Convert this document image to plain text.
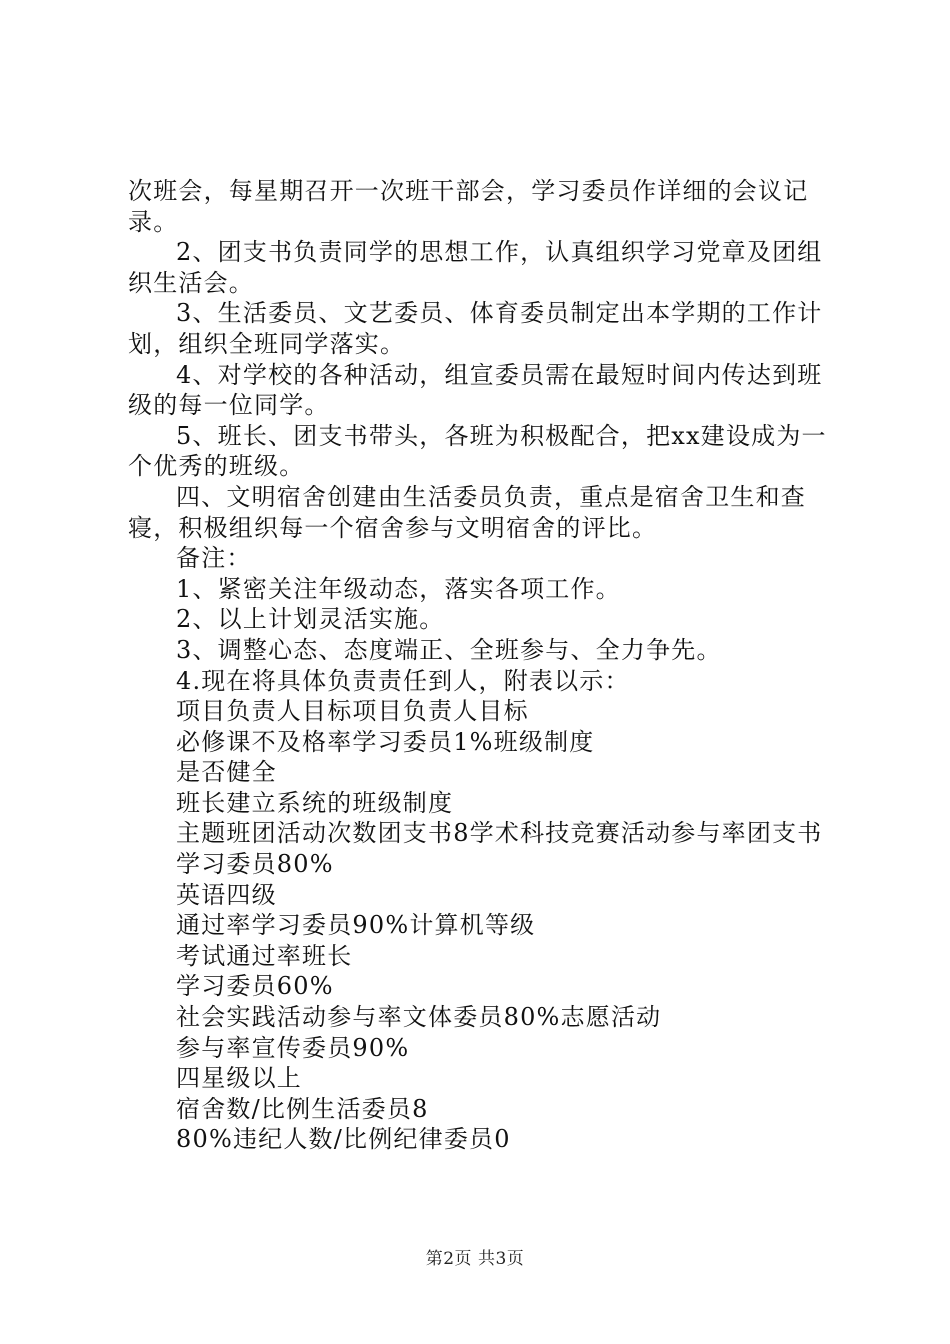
次班会，每星期召开一次班干部会，学习委员作详细的会议记录。

2、团支书负责同学的思想工作，认真组织学习党章及团组织生活会。

3、生活委员、文艺委员、体育委员制定出本学期的工作计划，组织全班同学落实。

4、对学校的各种活动，组宣委员需在最短时间内传达到班级的每一位同学。

5、班长、团支书带头，各班为积极配合，把xx建设成为一个优秀的班级。

四、文明宿舍创建由生活委员负责，重点是宿舍卫生和查寝，积极组织每一个宿舍参与文明宿舍的评比。

备注：

1、紧密关注年级动态，落实各项工作。

2、以上计划灵活实施。

3、调整心态、态度端正、全班参与、全力争先。

4.现在将具体负责责任到人，附表以示：

项目负责人目标项目负责人目标

必修课不及格率学习委员1%班级制度

是否健全

班长建立系统的班级制度

主题班团活动次数团支书8学术科技竞赛活动参与率团支书

学习委员80%

英语四级

通过率学习委员90%计算机等级

考试通过率班长

学习委员60%

社会实践活动参与率文体委员80%志愿活动

参与率宣传委员90%

四星级以上

宿舍数/比例生活委员8

80%违纪人数/比例纪律委员0

第2页 共3页
